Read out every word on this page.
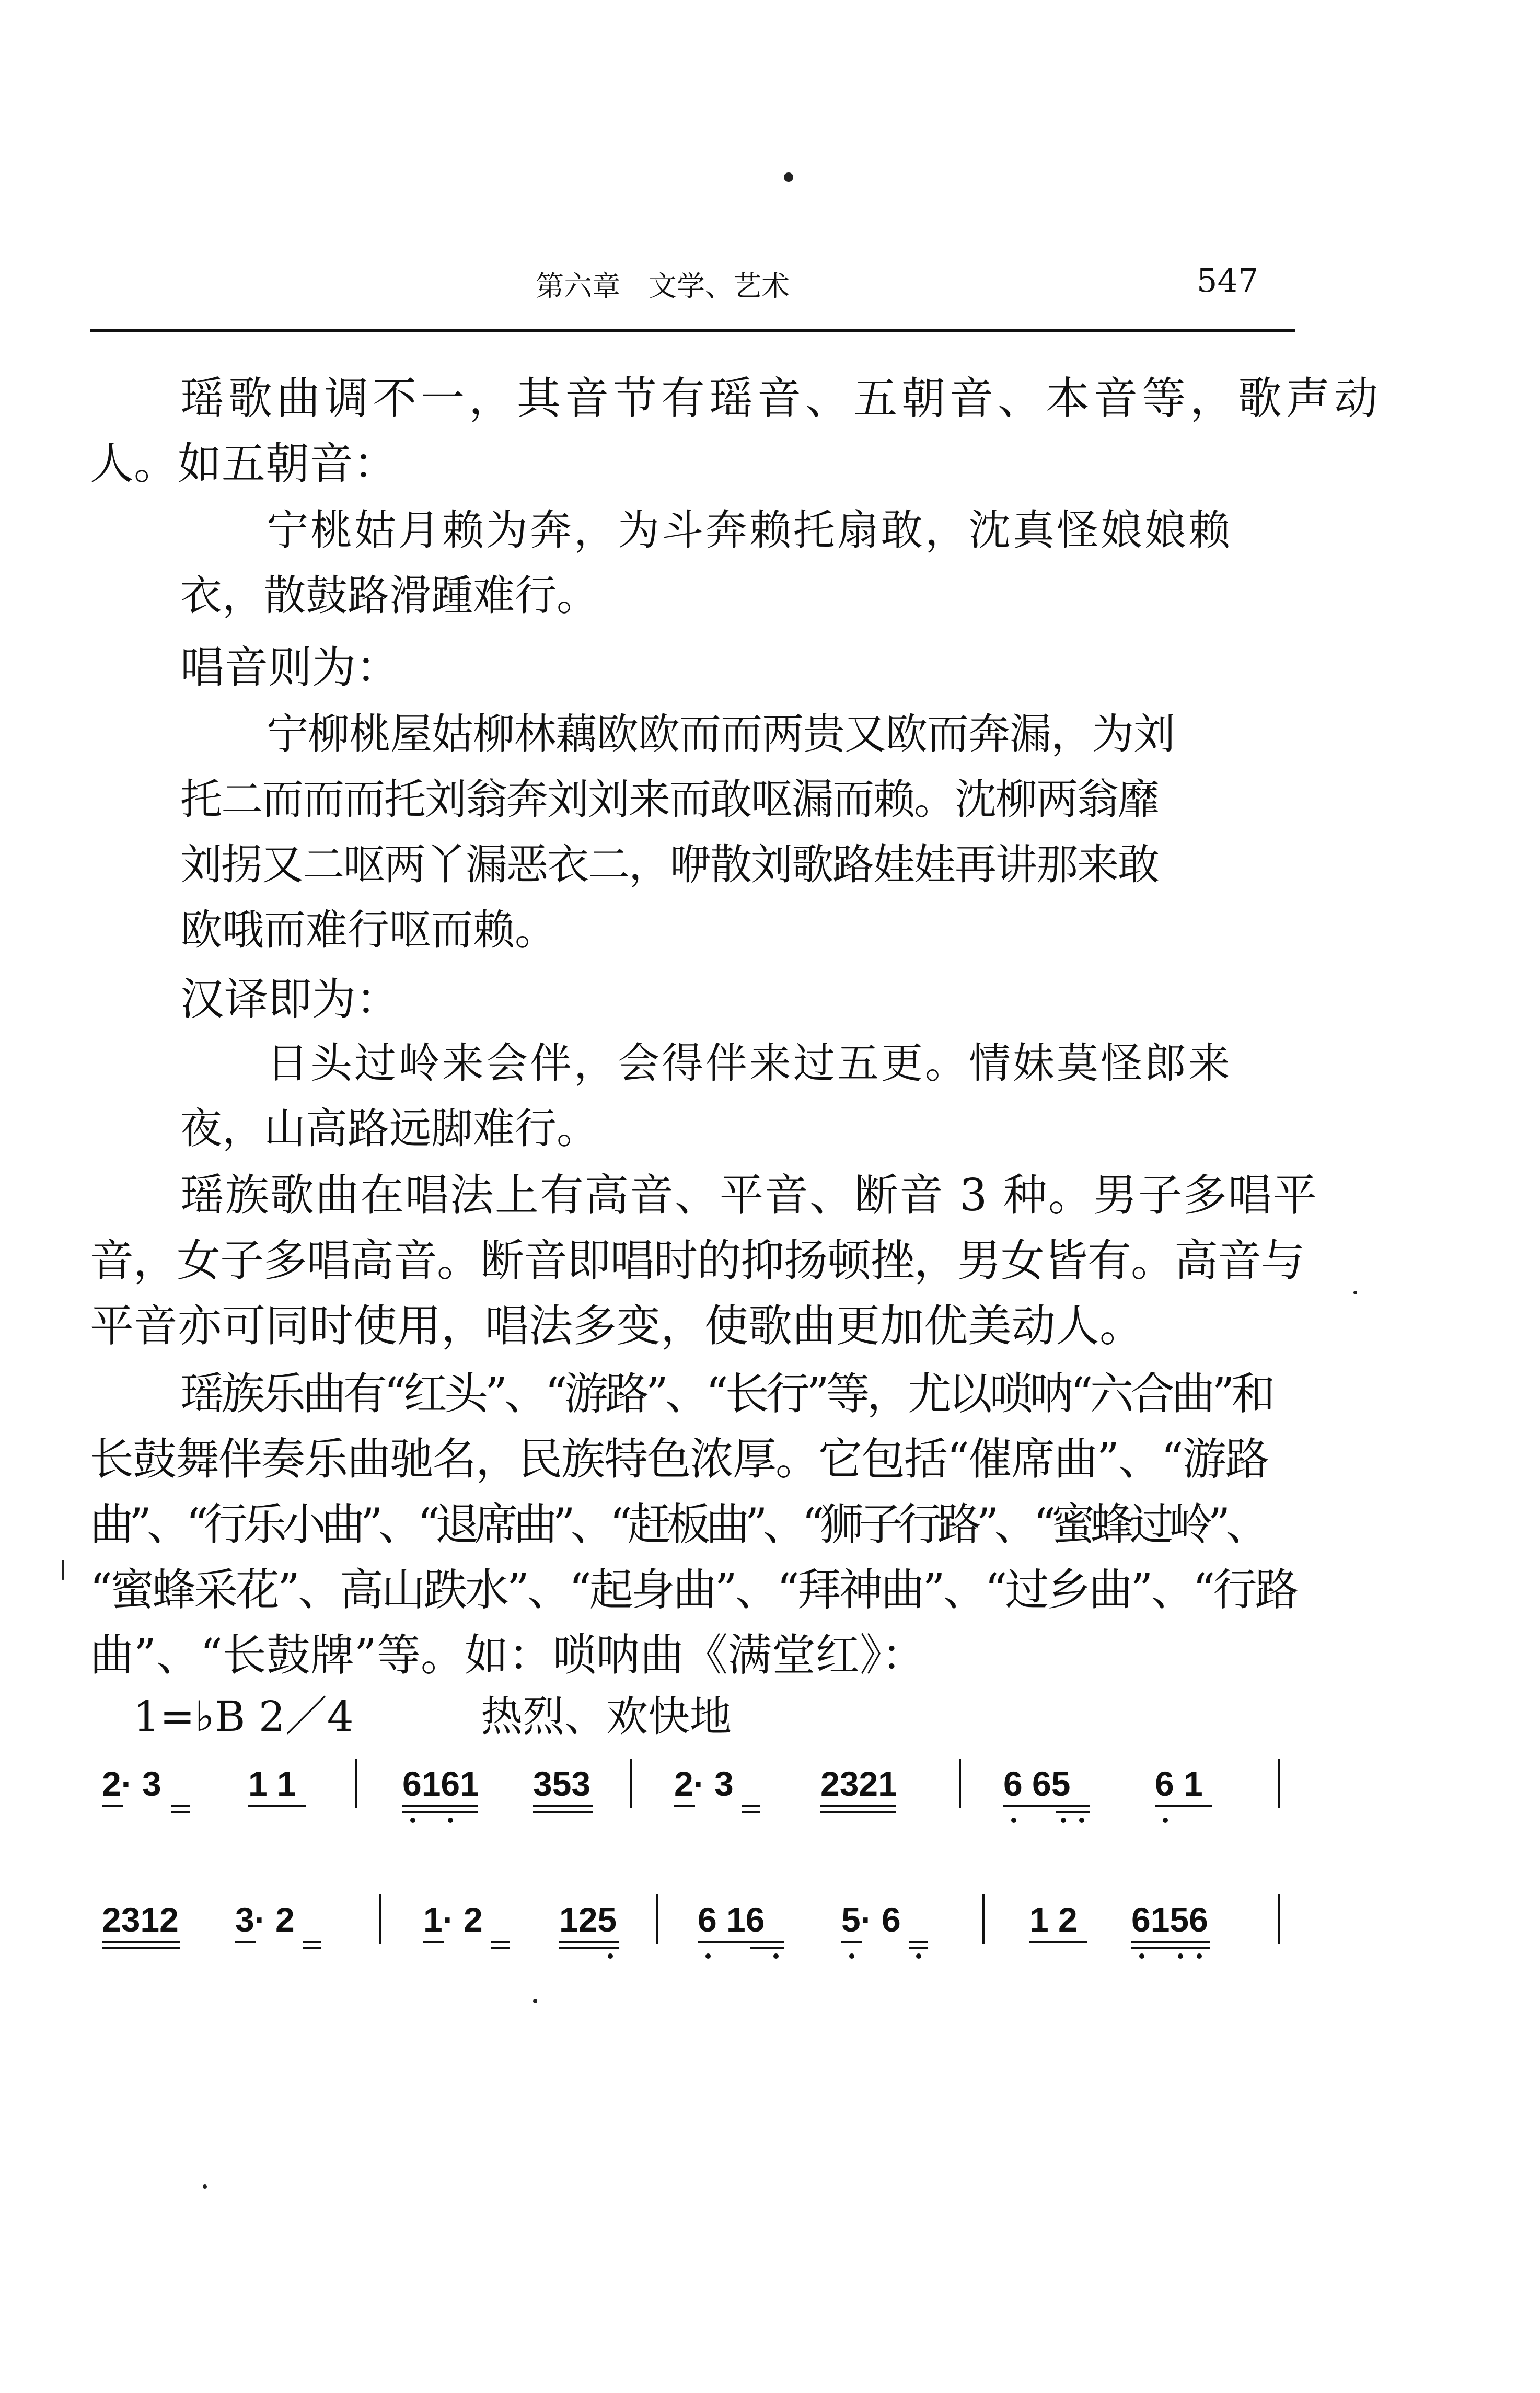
第六章　文学、艺术	547
瑶歌曲调不一，其音节有瑶音、五朝音、本音等，歌声动
人。如五朝音：
宁桃姑月赖为奔，为斗奔赖托扇敢，沈真怪娘娘赖
衣，散鼓路滑踵难行。
唱音则为：
宁柳桃屋姑柳林藕欧欧而而两贵又欧而奔漏，为刘
托二而而而托刘翁奔刘刘来而敢呕漏而赖。沈柳两翁靡
刘拐又二呕两丫漏恶衣二，咿散刘歌路娃娃再讲那来敢
欧哦而难行呕而赖。
汉译即为：
日头过岭来会伴，会得伴来过五更。情妹莫怪郎来
夜，山高路远脚难行。
瑶族歌曲在唱法上有高音、平音、断音 3 种。男子多唱平
音，女子多唱高音。断音即唱时的抑扬顿挫，男女皆有。高音与
平音亦可同时使用，唱法多变，使歌曲更加优美动人。
瑶族乐曲有“红头”、“游路”、“长行”等，尤以唢呐“六合曲”和
长鼓舞伴奏乐曲驰名，民族特色浓厚。它包括“催席曲”、“游路
曲”、“行乐小曲”、“退席曲”、“赶板曲”、“狮子行路”、“蜜蜂过岭”、
“蜜蜂采花”、高山跌水”、“起身曲”、“拜神曲”、“过乡曲”、“行路
曲”、“长鼓牌”等。如：唢呐曲《满堂红》：
1=♭B 2／4	热烈、欢快地
2· 3	1 1	6161 353 2· 3	2321	6 65 6 1
2312 3· 2	1· 2 125 6 16 5· 6	1 2 6156
